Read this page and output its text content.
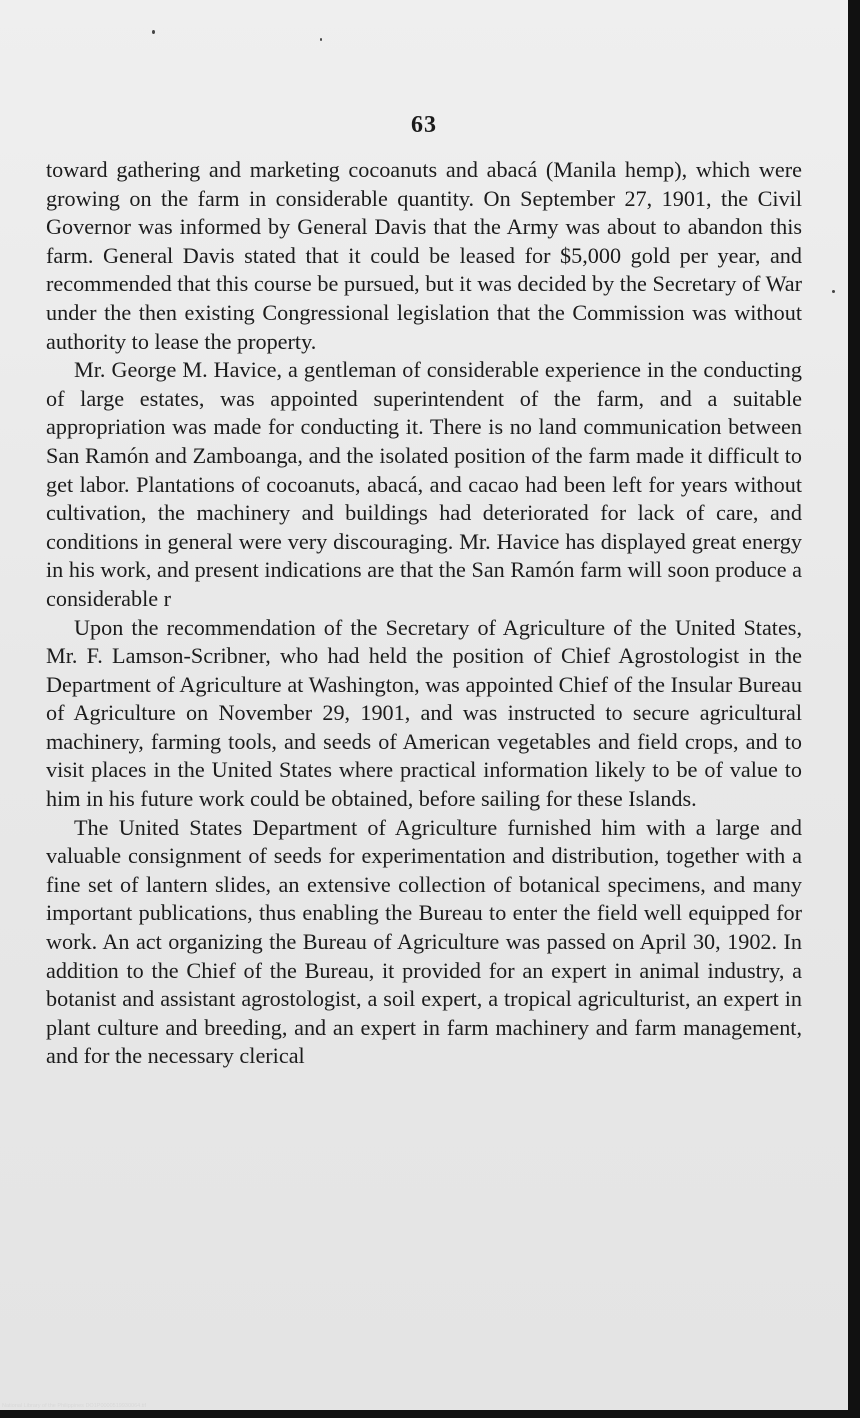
63

toward gathering and marketing cocoanuts and abacá (Manila hemp), which were growing on the farm in considerable quantity. On September 27, 1901, the Civil Governor was informed by General Davis that the Army was about to abandon this farm. General Davis stated that it could be leased for $5,000 gold per year, and recommended that this course be pursued, but it was decided by the Secretary of War under the then existing Congressional legislation that the Commission was without authority to lease the property.

Mr. George M. Havice, a gentleman of considerable experience in the conducting of large estates, was appointed superintendent of the farm, and a suitable appropriation was made for conducting it. There is no land communication between San Ramón and Zamboanga, and the isolated position of the farm made it difficult to get labor. Plantations of cocoanuts, abacá, and cacao had been left for years without cultivation, the machinery and buildings had deteriorated for lack of care, and conditions in general were very discouraging. Mr. Havice has displayed great energy in his work, and present indications are that the San Ramón farm will soon produce a considerable r

Upon the recommendation of the Secretary of Agriculture of the United States, Mr. F. Lamson-Scribner, who had held the position of Chief Agrostologist in the Department of Agriculture at Washington, was appointed Chief of the Insular Bureau of Agriculture on November 29, 1901, and was instructed to secure agricultural machinery, farming tools, and seeds of American vegetables and field crops, and to visit places in the United States where practical information likely to be of value to him in his future work could be obtained, before sailing for these Islands.

The United States Department of Agriculture furnished him with a large and valuable consignment of seeds for experimentation and distribution, together with a fine set of lantern slides, an extensive collection of botanical specimens, and many important publications, thus enabling the Bureau to enter the field well equipped for work. An act organizing the Bureau of Agriculture was passed on April 30, 1902. In addition to the Chief of the Bureau, it provided for an expert in animal industry, a botanist and assistant agrostologist, a soil expert, a tropical agriculturist, an expert in plant culture and breeding, and an expert in farm machinery and farm management, and for the necessary clerical

National Library of the Philippines DO1P0000519930064.tif
